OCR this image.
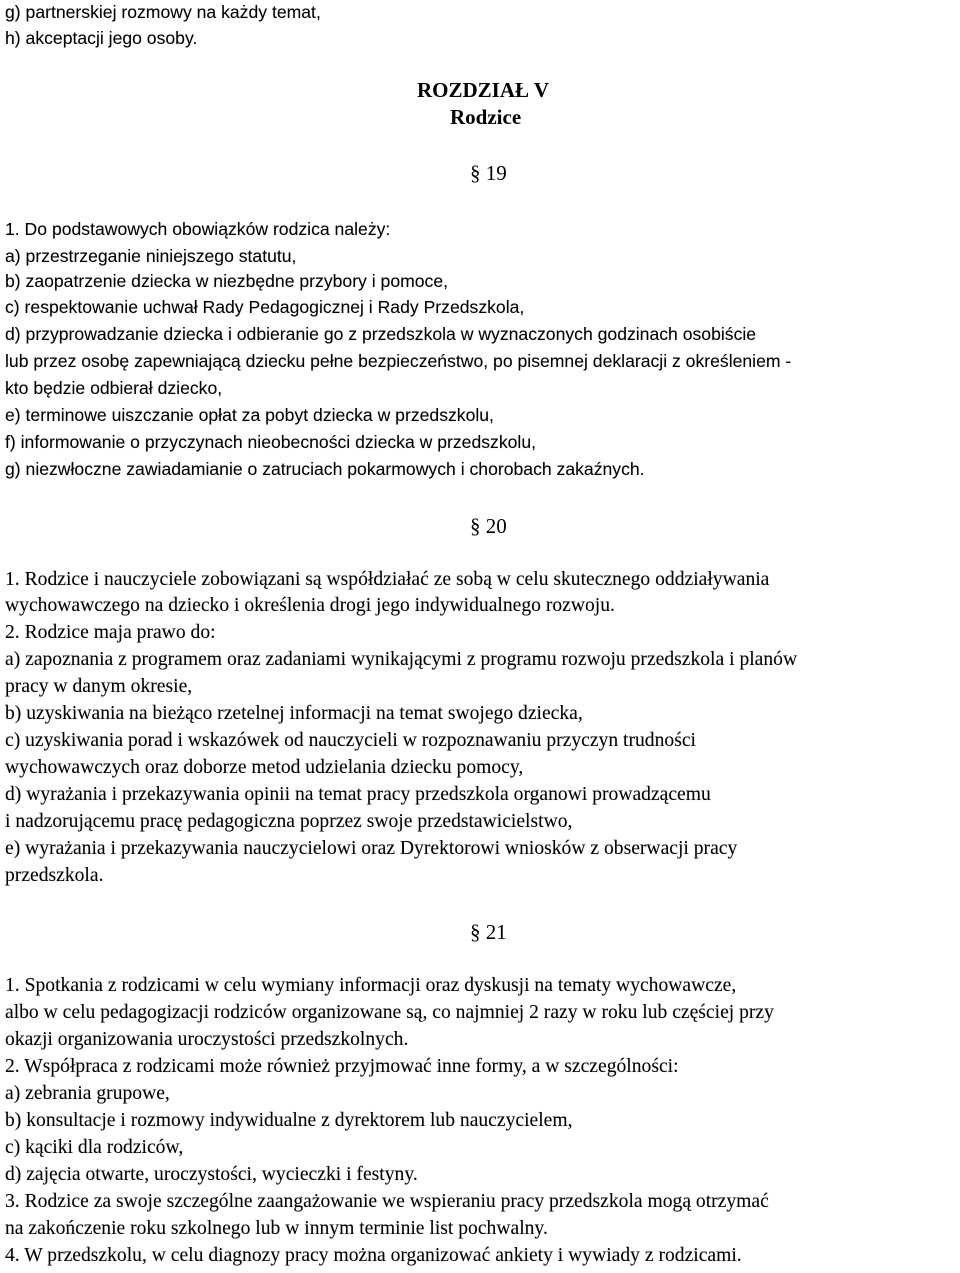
g) partnerskiej rozmowy na każdy temat,
h) akceptacji jego osoby.
ROZDZIAŁ V
Rodzice
§ 19
1. Do podstawowych obowiązków rodzica należy:
a) przestrzeganie niniejszego statutu,
b) zaopatrzenie dziecka w niezbędne przybory i pomoce,
c) respektowanie uchwał Rady Pedagogicznej i Rady Przedszkola,
d) przyprowadzanie dziecka i odbieranie go z przedszkola w wyznaczonych godzinach osobiście
lub przez osobę zapewniającą dziecku pełne bezpieczeństwo, po pisemnej deklaracji z określeniem -
kto będzie odbierał dziecko,
e) terminowe uiszczanie opłat za pobyt dziecka w przedszkolu,
f) informowanie o przyczynach nieobecności dziecka w przedszkolu,
g) niezwłoczne zawiadamianie o zatruciach pokarmowych i chorobach zakaźnych.
§ 20
1. Rodzice i nauczyciele zobowiązani są współdziałać ze sobą w celu skutecznego oddziaływania
wychowawczego na dziecko i określenia drogi jego indywidualnego rozwoju.
2. Rodzice maja prawo do:
a) zapoznania z programem oraz zadaniami wynikającymi z programu rozwoju przedszkola i planów
pracy w danym okresie,
b) uzyskiwania na bieżąco rzetelnej informacji na temat swojego dziecka,
c) uzyskiwania porad i wskazówek od nauczycieli w rozpoznawaniu przyczyn trudności
wychowawczych oraz doborze metod udzielania dziecku pomocy,
d) wyrażania i przekazywania opinii na temat pracy przedszkola organowi prowadzącemu
i nadzorującemu pracę pedagogiczna poprzez swoje przedstawicielstwo,
e) wyrażania i przekazywania nauczycielowi oraz Dyrektorowi wniosków z obserwacji pracy
przedszkola.
§ 21
1. Spotkania z rodzicami w celu wymiany informacji oraz dyskusji na tematy wychowawcze,
albo w celu pedagogizacji rodziców organizowane są, co najmniej 2 razy w roku lub częściej przy
okazji organizowania uroczystości przedszkolnych.
2. Współpraca z rodzicami może również przyjmować inne formy, a w szczególności:
a) zebrania grupowe,
b) konsultacje i rozmowy indywidualne z dyrektorem lub nauczycielem,
c) kąciki dla rodziców,
d) zajęcia otwarte, uroczystości, wycieczki i festyny.
3. Rodzice za swoje szczególne zaangażowanie we wspieraniu pracy przedszkola mogą otrzymać
na zakończenie roku szkolnego lub w innym terminie list pochwalny.
4. W przedszkolu, w celu diagnozy pracy można organizować ankiety i wywiady z rodzicami.
